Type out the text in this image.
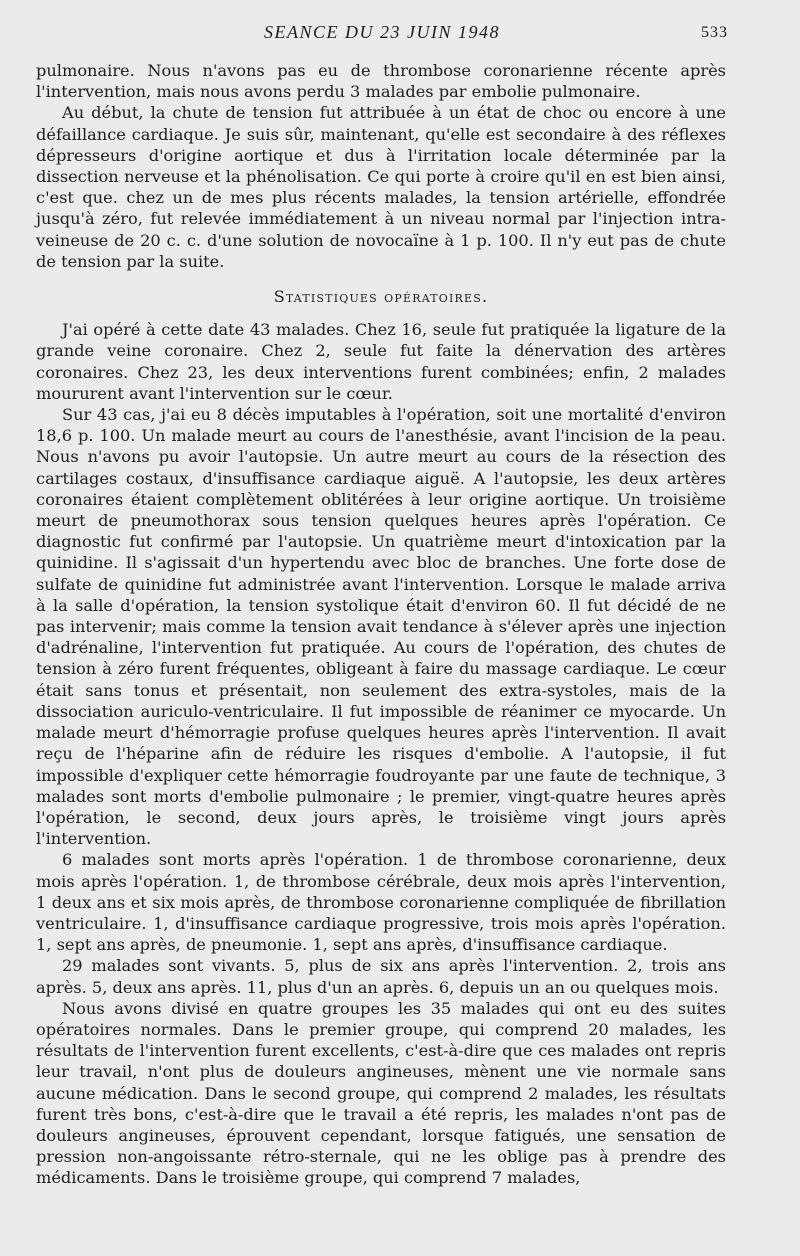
SEANCE DU 23 JUIN 1948	533

pulmonaire. Nous n'avons pas eu de thrombose coronarienne récente après l'intervention, mais nous avons perdu 3 malades par embolie pulmonaire.

Au début, la chute de tension fut attribuée à un état de choc ou encore à une défaillance cardiaque. Je suis sûr, maintenant, qu'elle est secondaire à des réflexes dépresseurs d'origine aortique et dus à l'irritation locale déterminée par la dissection nerveuse et la phénolisation. Ce qui porte à croire qu'il en est bien ainsi, c'est que. chez un de mes plus récents malades, la tension artérielle, effondrée jusqu'à zéro, fut relevée immédiatement à un niveau normal par l'injection intra-veineuse de 20 c. c. d'une solution de novocaïne à 1 p. 100. Il n'y eut pas de chute de tension par la suite.

Statistiques opératoires.

J'ai opéré à cette date 43 malades. Chez 16, seule fut pratiquée la ligature de la grande veine coronaire. Chez 2, seule fut faite la dénervation des artères coronaires. Chez 23, les deux interventions furent combinées; enfin, 2 malades moururent avant l'intervention sur le cœur.

Sur 43 cas, j'ai eu 8 décès imputables à l'opération, soit une mortalité d'environ 18,6 p. 100. Un malade meurt au cours de l'anesthésie, avant l'incision de la peau. Nous n'avons pu avoir l'autopsie. Un autre meurt au cours de la résection des cartilages costaux, d'insuffisance cardiaque aiguë. A l'autopsie, les deux artères coronaires étaient complètement oblitérées à leur origine aortique. Un troisième meurt de pneumothorax sous tension quelques heures après l'opération. Ce diagnostic fut confirmé par l'autopsie. Un quatrième meurt d'intoxication par la quinidine. Il s'agissait d'un hypertendu avec bloc de branches. Une forte dose de sulfate de quinidine fut administrée avant l'intervention. Lorsque le malade arriva à la salle d'opération, la tension systolique était d'environ 60. Il fut décidé de ne pas intervenir; mais comme la tension avait tendance à s'élever après une injection d'adrénaline, l'intervention fut pratiquée. Au cours de l'opération, des chutes de tension à zéro furent fréquentes, obligeant à faire du massage cardiaque. Le cœur était sans tonus et présentait, non seulement des extra-systoles, mais de la dissociation auriculo-ventriculaire. Il fut impossible de réanimer ce myocarde. Un malade meurt d'hémorragie profuse quelques heures après l'intervention. Il avait reçu de l'héparine afin de réduire les risques d'embolie. A l'autopsie, il fut impossible d'expliquer cette hémorragie foudroyante par une faute de technique, 3 malades sont morts d'embolie pulmonaire ; le premier, vingt-quatre heures après l'opération, le second, deux jours après, le troisième vingt jours après l'intervention.

6 malades sont morts après l'opération. 1 de thrombose coronarienne, deux mois après l'opération. 1, de thrombose cérébrale, deux mois après l'intervention, 1 deux ans et six mois après, de thrombose coronarienne compliquée de fibrillation ventriculaire. 1, d'insuffisance cardiaque progressive, trois mois après l'opération. 1, sept ans après, de pneumonie. 1, sept ans après, d'insuffisance cardiaque.

29 malades sont vivants. 5, plus de six ans après l'intervention. 2, trois ans après. 5, deux ans après. 11, plus d'un an après. 6, depuis un an ou quelques mois.

Nous avons divisé en quatre groupes les 35 malades qui ont eu des suites opératoires normales. Dans le premier groupe, qui comprend 20 malades, les résultats de l'intervention furent excellents, c'est-à-dire que ces malades ont repris leur travail, n'ont plus de douleurs angineuses, mènent une vie normale sans aucune médication. Dans le second groupe, qui comprend 2 malades, les résultats furent très bons, c'est-à-dire que le travail a été repris, les malades n'ont pas de douleurs angineuses, éprouvent cependant, lorsque fatigués, une sensation de pression non-angoissante rétro-sternale, qui ne les oblige pas à prendre des médicaments. Dans le troisième groupe, qui comprend 7 malades,
